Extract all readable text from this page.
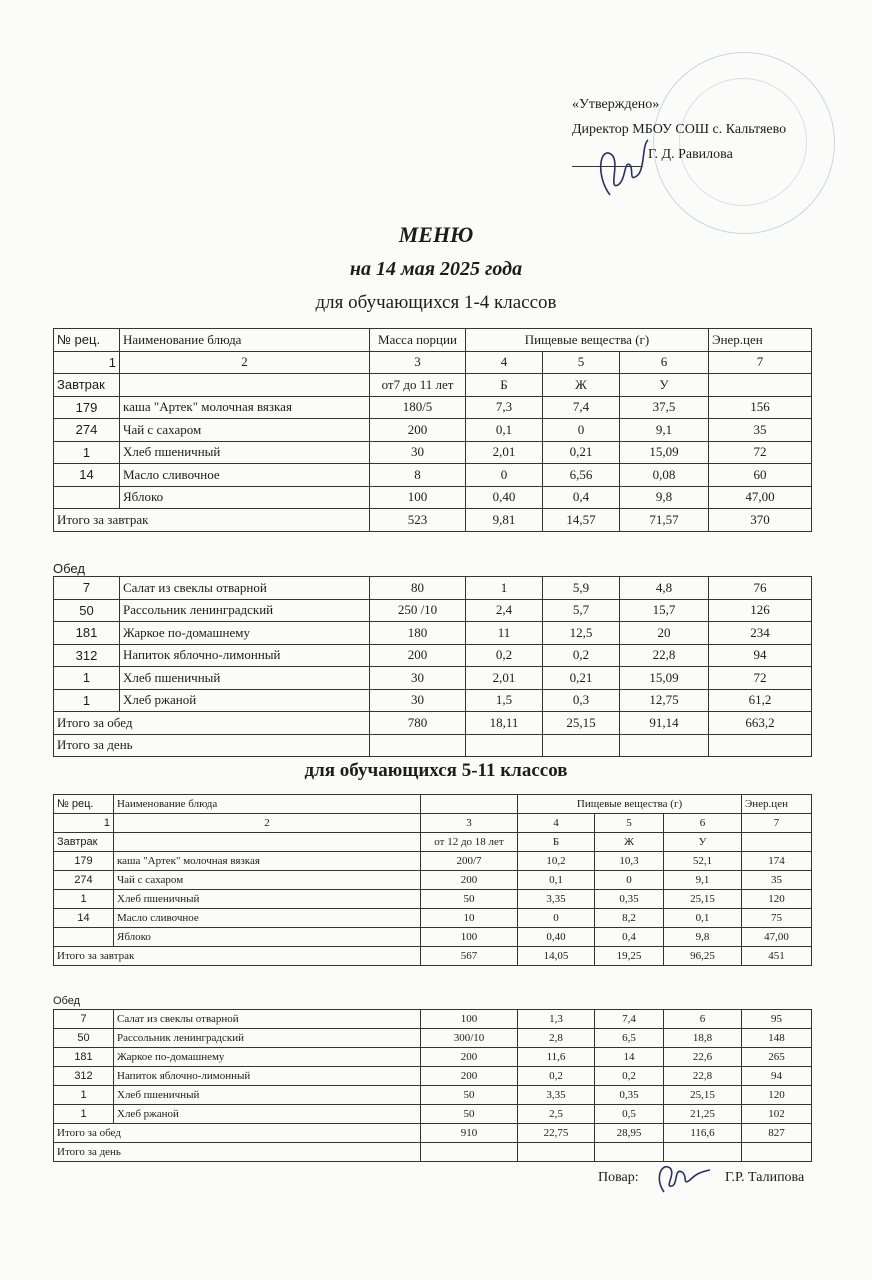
«Утверждено»
Директор МБОУ СОШ с. Кальтяево
Г. Д. Равилова
МЕНЮ
на 14 мая 2025 года
для обучающихся 1-4 классов
№ рец.	Наименование блюда	Масса порции	Пищевые вещества (г)			Энер.цен
1	2	3	4	5	6	7
Завтрак		от7 до 11 лет	Б	Ж	У	
179	каша "Артек" молочная вязкая	180/5	7,3	7,4	37,5	156
274	Чай с сахаром	200	0,1	0	9,1	35
1	Хлеб пшеничный	30	2,01	0,21	15,09	72
14	Масло сливочное	8	0	6,56	0,08	60
	Яблоко	100	0,40	0,4	9,8	47,00
Итого за завтрак		523	9,81	14,57	71,57	370
Обед
7	Салат из свеклы отварной	80	1	5,9	4,8	76
50	Рассольник ленинградский	250 /10	2,4	5,7	15,7	126
181	Жаркое по-домашнему	180	11	12,5	20	234
312	Напиток яблочно-лимонный	200	0,2	0,2	22,8	94
1	Хлеб пшеничный	30	2,01	0,21	15,09	72
1	Хлеб ржаной	30	1,5	0,3	12,75	61,2
Итого за обед		780	18,11	25,15	91,14	663,2
Итого за день						
для обучающихся 5-11 классов
№ рец.	Наименование блюда		Пищевые вещества (г)			Энер.цен
1	2	3	4	5	6	7
Завтрак		от 12 до 18 лет	Б	Ж	У	
179	каша "Артек" молочная вязкая	200/7	10,2	10,3	52,1	174
274	Чай с сахаром	200	0,1	0	9,1	35
1	Хлеб пшеничный	50	3,35	0,35	25,15	120
14	Масло сливочное	10	0	8,2	0,1	75
	Яблоко	100	0,40	0,4	9,8	47,00
Итого за завтрак		567	14,05	19,25	96,25	451
Обед
7	Салат из свеклы отварной	100	1,3	7,4	6	95
50	Рассольник ленинградский	300/10	2,8	6,5	18,8	148
181	Жаркое по-домашнему	200	11,6	14	22,6	265
312	Напиток яблочно-лимонный	200	0,2	0,2	22,8	94
1	Хлеб пшеничный	50	3,35	0,35	25,15	120
1	Хлеб ржаной	50	2,5	0,5	21,25	102
Итого за обед		910	22,75	28,95	116,6	827
Итого за день						
Повар:	Г.Р. Талипова
